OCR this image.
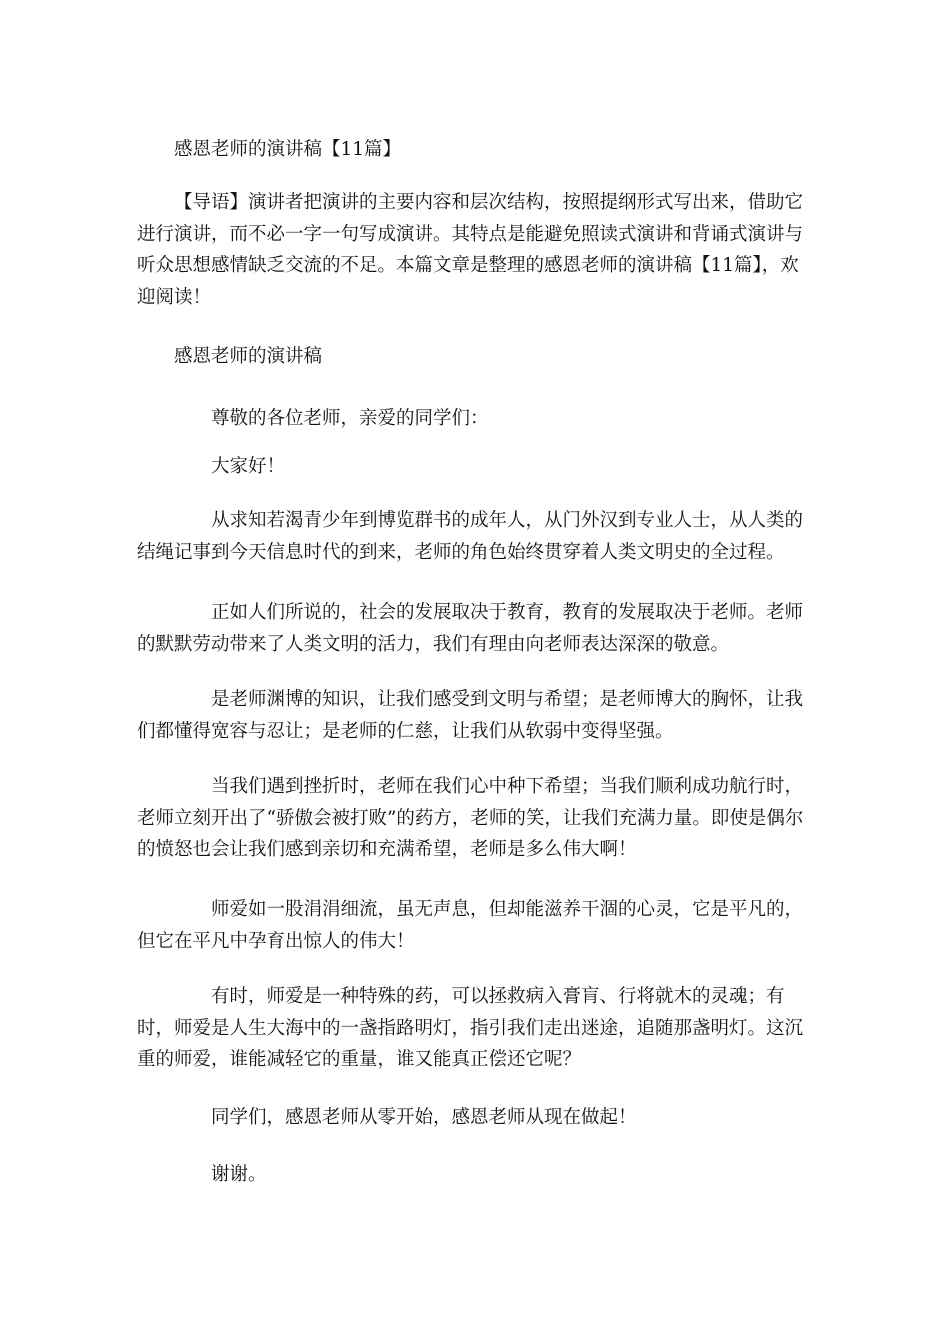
感恩老师的演讲稿【11篇】

【导语】演讲者把演讲的主要内容和层次结构，按照提纲形式写出来，借助它进行演讲，而不必一字一句写成演讲。其特点是能避免照读式演讲和背诵式演讲与听众思想感情缺乏交流的不足。本篇文章是整理的感恩老师的演讲稿【11篇】，欢迎阅读！

感恩老师的演讲稿

尊敬的各位老师，亲爱的同学们：

大家好！

从求知若渴青少年到博览群书的成年人，从门外汉到专业人士，从人类的结绳记事到今天信息时代的到来，老师的角色始终贯穿着人类文明史的全过程。

正如人们所说的，社会的发展取决于教育，教育的发展取决于老师。老师的默默劳动带来了人类文明的活力，我们有理由向老师表达深深的敬意。

是老师渊博的知识，让我们感受到文明与希望；是老师博大的胸怀，让我们都懂得宽容与忍让；是老师的仁慈，让我们从软弱中变得坚强。

当我们遇到挫折时，老师在我们心中种下希望；当我们顺利成功航行时，老师立刻开出了“骄傲会被打败”的药方，老师的笑，让我们充满力量。即使是偶尔的愤怒也会让我们感到亲切和充满希望，老师是多么伟大啊！

师爱如一股涓涓细流，虽无声息，但却能滋养干涸的心灵，它是平凡的，但它在平凡中孕育出惊人的伟大！

有时，师爱是一种特殊的药，可以拯救病入膏肓、行将就木的灵魂；有时，师爱是人生大海中的一盏指路明灯，指引我们走出迷途，追随那盏明灯。这沉重的师爱，谁能减轻它的重量，谁又能真正偿还它呢？

同学们，感恩老师从零开始，感恩老师从现在做起！

谢谢。
